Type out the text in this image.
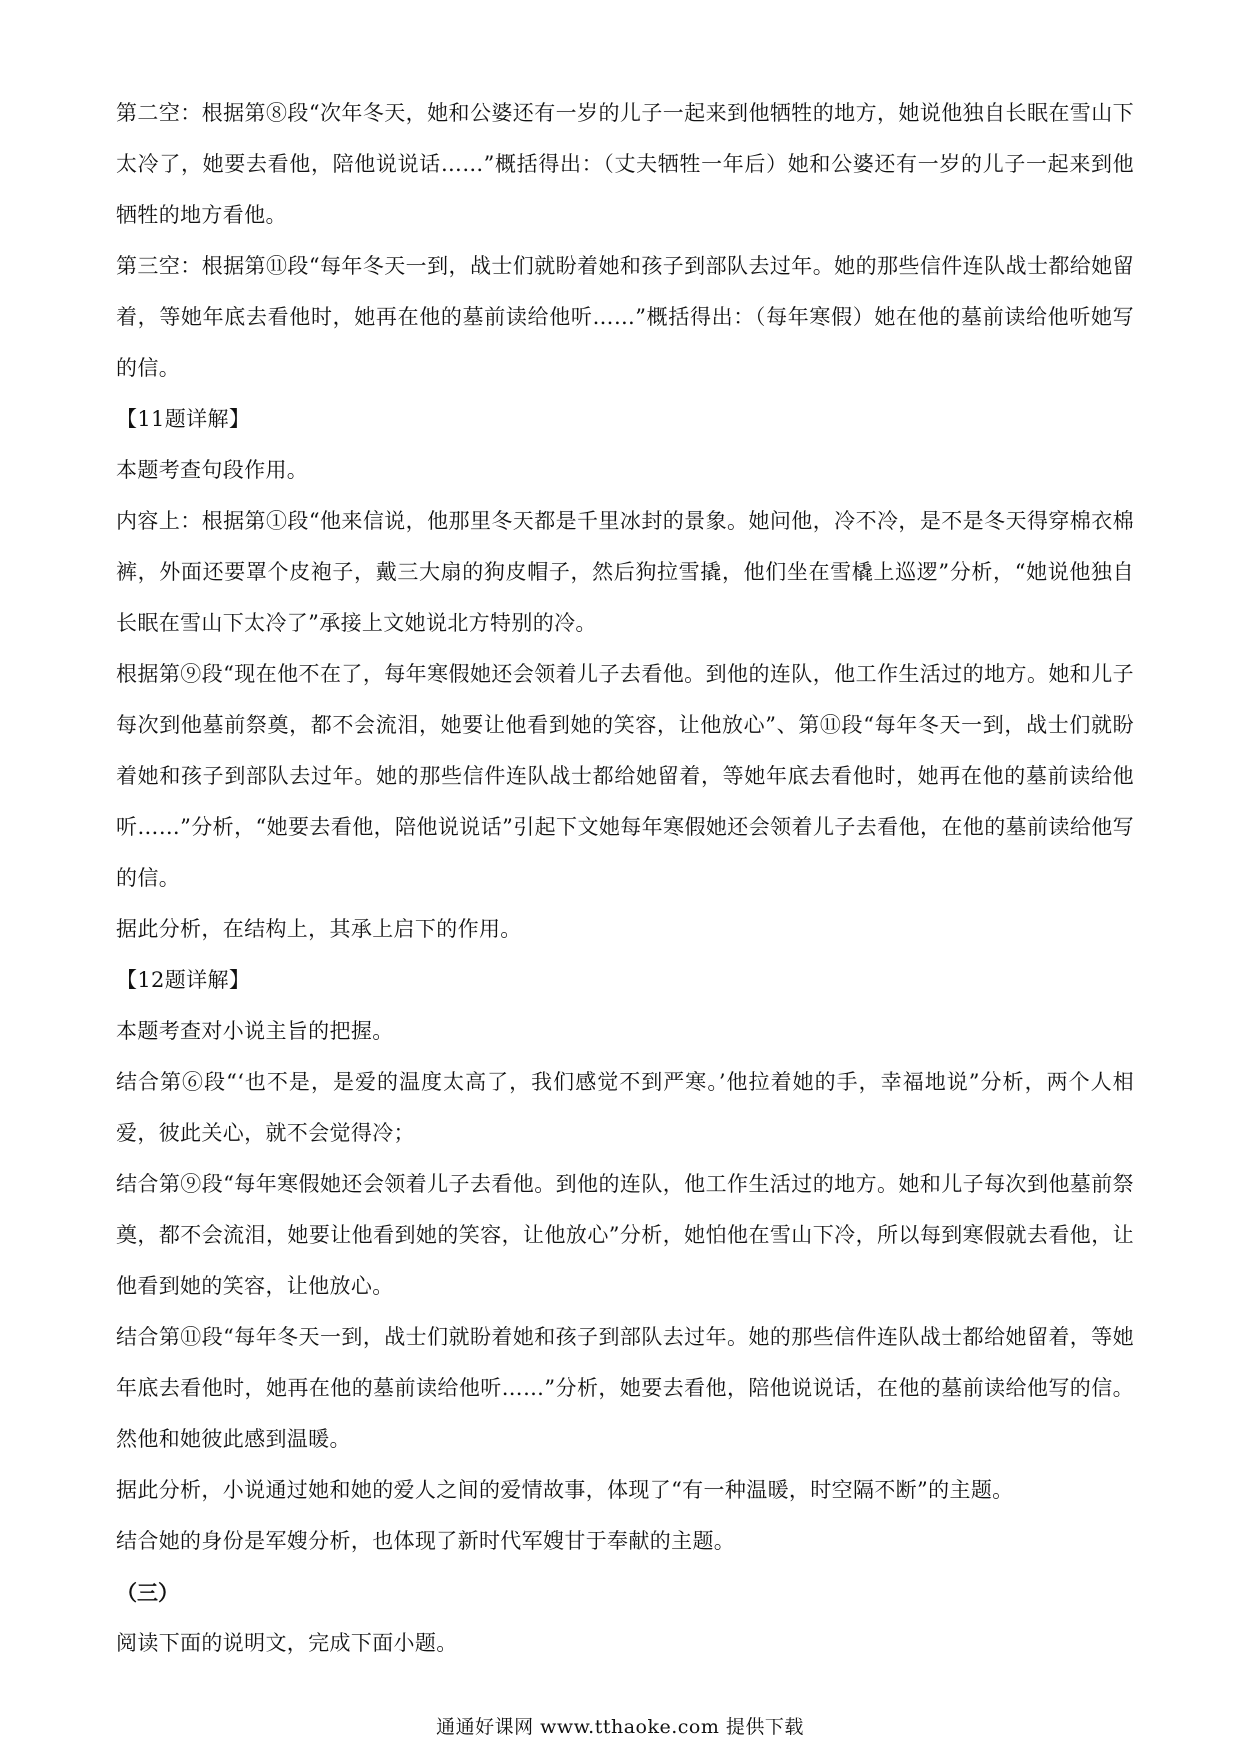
第二空：根据第⑧段“次年冬天，她和公婆还有一岁的儿子一起来到他牺牲的地方，她说他独自长眠在雪山下太冷了，她要去看他，陪他说说话……”概括得出：（丈夫牺牲一年后）她和公婆还有一岁的儿子一起来到他牺牲的地方看他。

第三空：根据第⑪段“每年冬天一到，战士们就盼着她和孩子到部队去过年。她的那些信件连队战士都给她留着，等她年底去看他时，她再在他的墓前读给他听……”概括得出：（每年寒假）她在他的墓前读给他听她写的信。

【11题详解】

本题考查句段作用。

内容上：根据第①段“他来信说，他那里冬天都是千里冰封的景象。她问他，冷不冷，是不是冬天得穿棉衣棉裤，外面还要罩个皮袍子，戴三大扇的狗皮帽子，然后狗拉雪撬，他们坐在雪橇上巡逻”分析，“她说他独自长眠在雪山下太冷了”承接上文她说北方特别的冷。

根据第⑨段“现在他不在了，每年寒假她还会领着儿子去看他。到他的连队，他工作生活过的地方。她和儿子每次到他墓前祭奠，都不会流泪，她要让他看到她的笑容，让他放心”、第⑪段“每年冬天一到，战士们就盼着她和孩子到部队去过年。她的那些信件连队战士都给她留着，等她年底去看他时，她再在他的墓前读给他听……”分析，“她要去看他，陪他说说话”引起下文她每年寒假她还会领着儿子去看他，在他的墓前读给他写的信。

据此分析，在结构上，其承上启下的作用。

【12题详解】

本题考查对小说主旨的把握。

结合第⑥段“‘也不是，是爱的温度太高了，我们感觉不到严寒。’他拉着她的手，幸福地说”分析，两个人相爱，彼此关心，就不会觉得冷；

结合第⑨段“每年寒假她还会领着儿子去看他。到他的连队，他工作生活过的地方。她和儿子每次到他墓前祭奠，都不会流泪，她要让他看到她的笑容，让他放心”分析，她怕他在雪山下冷，所以每到寒假就去看他，让他看到她的笑容，让他放心。

结合第⑪段“每年冬天一到，战士们就盼着她和孩子到部队去过年。她的那些信件连队战士都给她留着，等她年底去看他时，她再在他的墓前读给他听……”分析，她要去看他，陪他说说话，在他的墓前读给他写的信。然他和她彼此感到温暖。

据此分析，小说通过她和她的爱人之间的爱情故事，体现了“有一种温暖，时空隔不断”的主题。

结合她的身份是军嫂分析，也体现了新时代军嫂甘于奉献的主题。

（三）

阅读下面的说明文，完成下面小题。

通通好课网 www.tthaoke.com 提供下载
